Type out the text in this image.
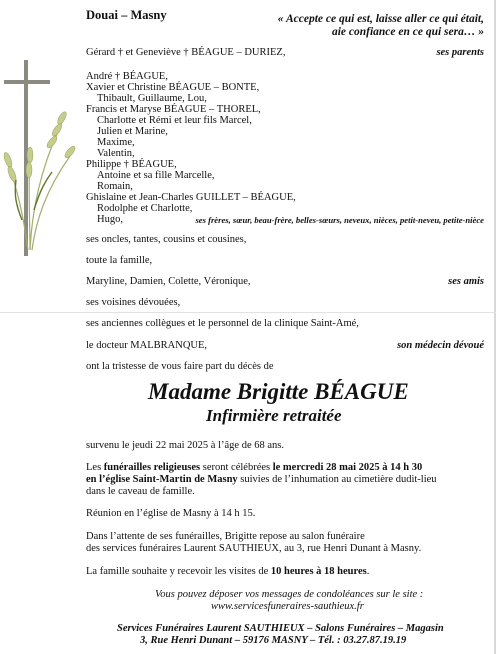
Douai – Masny	« Accepte ce qui est, laisse aller ce qui était,
aie confiance en ce qui sera… »
Gérard † et Geneviève † BÉAGUE – DURIEZ,	ses parents
André † BÉAGUE,
Xavier et Christine BÉAGUE – BONTE,
Thibault, Guillaume, Lou,
Francis et Maryse BÉAGUE – THOREL,
Charlotte et Rémi et leur fils Marcel,
Julien et Marine,
Maxime,
Valentin,
Philippe † BÉAGUE,
Antoine et sa fille Marcelle,
Romain,
Ghislaine et Jean-Charles GUILLET – BÉAGUE,
Rodolphe et Charlotte,
Hugo,	ses frères, sœur, beau-frère, belles-sœurs, neveux, nièces, petit-neveu, petite-nièce
ses oncles, tantes, cousins et cousines,
toute la famille,
Maryline, Damien, Colette, Véronique,	ses amis
ses voisines dévouées,
ses anciennes collègues et le personnel de la clinique Saint-Amé,
le docteur MALBRANQUE,	son médecin dévoué
ont la tristesse de vous faire part du décès de
Madame Brigitte BÉAGUE
Infirmière retraitée
survenu le jeudi 22 mai 2025 à l’âge de 68 ans.
Les funérailles religieuses seront célébrées le mercredi 28 mai 2025 à 14 h 30
en l’église Saint-Martin de Masny suivies de l’inhumation au cimetière dudit-lieu
dans le caveau de famille.
Réunion en l’église de Masny à 14 h 15.
Dans l’attente de ses funérailles, Brigitte repose au salon funéraire
des services funéraires Laurent SAUTHIEUX, au 3, rue Henri Dunant à Masny.
La famille souhaite y recevoir les visites de 10 heures à 18 heures.
Vous pouvez déposer vos messages de condoléances sur le site :
www.servicesfuneraires-sauthieux.fr
Services Funéraires Laurent SAUTHIEUX – Salons Funéraires – Magasin
3, Rue Henri Dunant – 59176 MASNY – Tél. : 03.27.87.19.19
